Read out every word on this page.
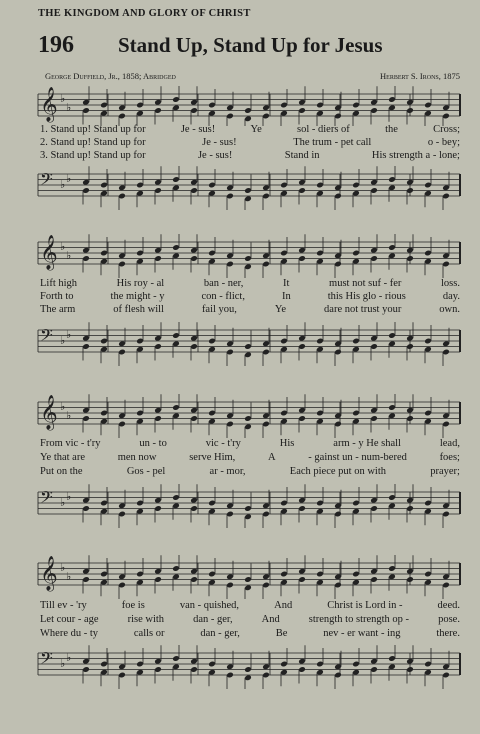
THE KINGDOM AND GLORY OF CHRIST
196 Stand Up, Stand Up for Jesus
George Duffield, Jr., 1858; Abridged	Herbert S. Irons, 1875
𝄞 ♭
♭
1. Stand up! Stand up for	Je - sus!	Ye	sol - diers of	the	Cross;
2. Stand up! Stand up for	Je - sus!	The trum - pet call	o - bey;
3. Stand up! Stand up for	Je - sus!	Stand in	His strength a - lone;
𝄢 ♭ ♭
𝄞 ♭
♭
Lift high	His roy - al	ban - ner,	It	must not suf - fer	loss.
Forth to	the might - y	con - flict,	In	this His glo - rious	day.
The arm	of flesh will	fail you,	Ye	dare not trust your	own.
𝄢 ♭ ♭
𝄞 ♭
♭
From vic - t'ry	un - to	vic - t'ry	His	arm - y He shall	lead,
Ye that are	men now	serve Him,	A	- gainst un - num-bered	foes;
Put on the	Gos - pel	ar - mor,	Each piece put on with	prayer;
𝄢 ♭ ♭
𝄞 ♭
♭
Till ev - 'ry	foe is	van - quished,	And	Christ is Lord in -	deed.
Let cour - age	rise with	dan - ger,	And	strength to strength op -	pose.
Where du - ty	calls or	dan - ger,	Be	nev - er want - ing	there.
𝄢 ♭ ♭
